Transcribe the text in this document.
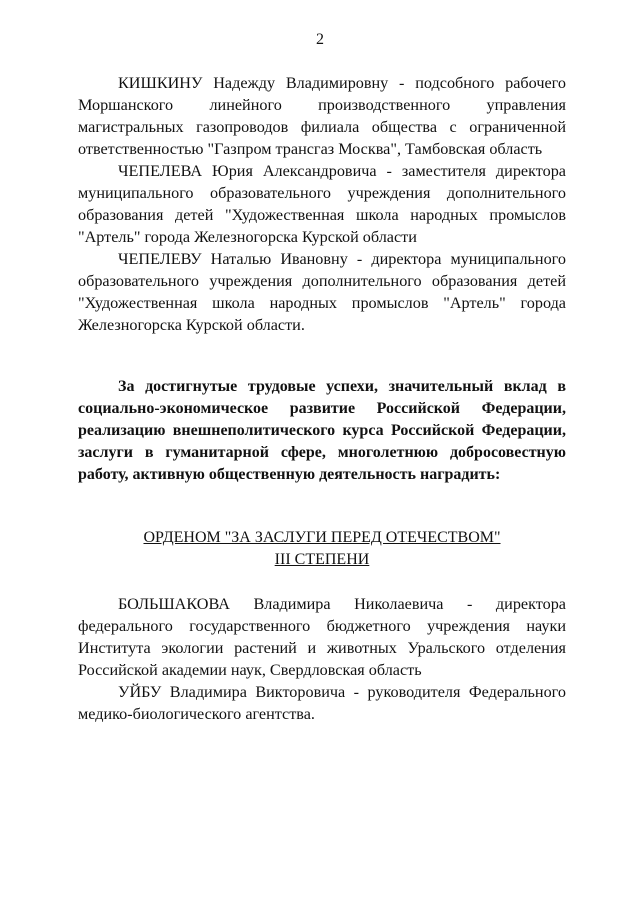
2

КИШКИНУ Надежду Владимировну - подсобного рабочего Моршанского линейного производственного управления магистральных газопроводов филиала общества с ограниченной ответственностью "Газпром трансгаз Москва", Тамбовская область

ЧЕПЕЛЕВА Юрия Александровича - заместителя директора муниципального образовательного учреждения дополнительного образования детей "Художественная школа народных промыслов "Артель" города Железногорска Курской области

ЧЕПЕЛЕВУ Наталью Ивановну - директора муниципального образовательного учреждения дополнительного образования детей "Художественная школа народных промыслов "Артель" города Железногорска Курской области.

За достигнутые трудовые успехи, значительный вклад в социально-экономическое развитие Российской Федерации, реализацию внешнеполитического курса Российской Федерации, заслуги в гуманитарной сфере, многолетнюю добросовестную работу, активную общественную деятельность наградить:

ОРДЕНОМ "ЗА ЗАСЛУГИ ПЕРЕД ОТЕЧЕСТВОМ"

III СТЕПЕНИ

БОЛЬШАКОВА Владимира Николаевича - директора федерального государственного бюджетного учреждения науки Института экологии растений и животных Уральского отделения Российской академии наук, Свердловская область

УЙБУ Владимира Викторовича - руководителя Федерального медико-биологического агентства.
